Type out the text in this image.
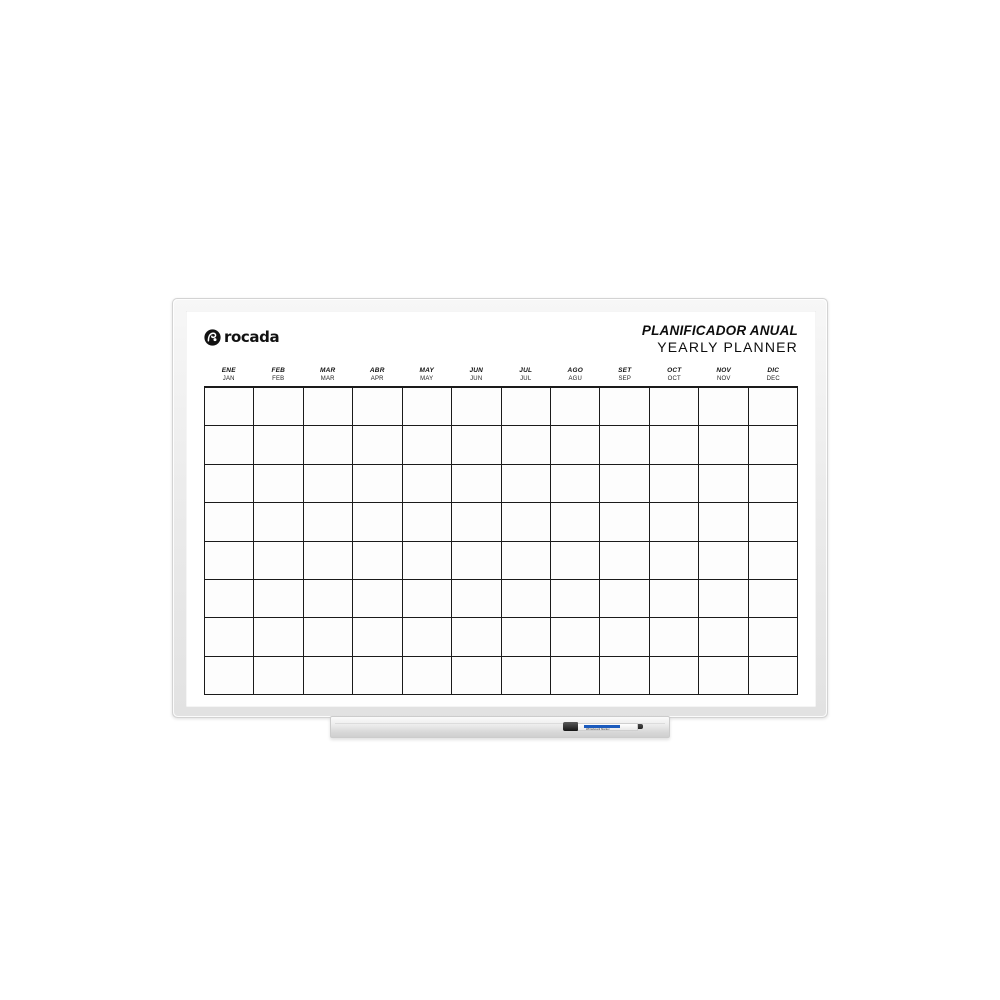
rocada	PLANIFICADOR ANUAL
YEARLY PLANNER
ENE
JAN
FEB
FEB
MAR
MAR
ABR
APR
MAY
MAY
JUN
JUN
JUL
JUL
AGO
AGU
SET
SEP
OCT
OCT
NOV
NOV
DIC
DEC
Whiteboard Marker
